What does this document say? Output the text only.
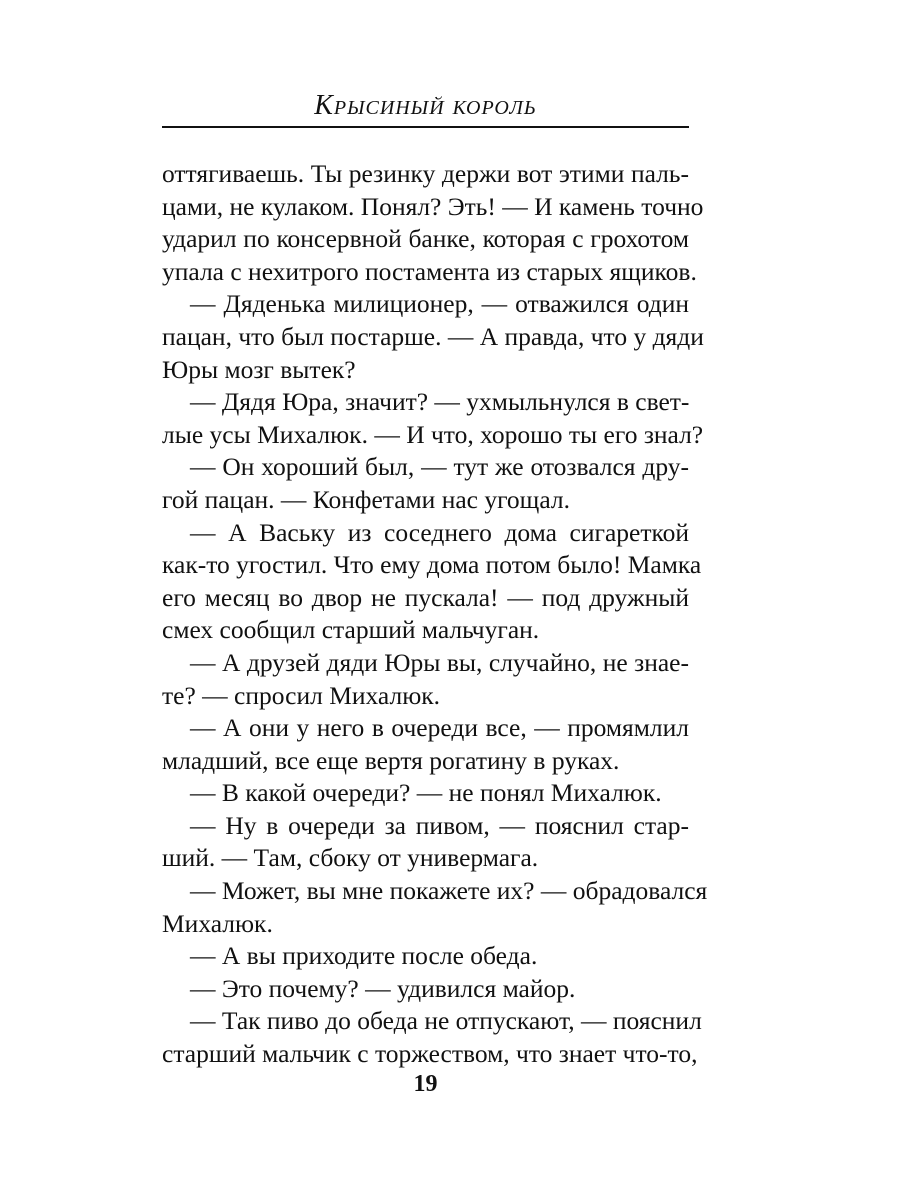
Крысиный король
оттягиваешь. Ты резинку держи вот этими паль-
цами, не кулаком. Понял? Эть! — И камень точно
ударил по консервной банке, которая с грохотом
упала с нехитрого постамента из старых ящиков.
— Дяденька милиционер, — отважился один
пацан, что был постарше. — А правда, что у дяди
Юры мозг вытек?
— Дядя Юра, значит? — ухмыльнулся в свет-
лые усы Михалюк. — И что, хорошо ты его знал?
— Он хороший был, — тут же отозвался дру-
гой пацан. — Конфетами нас угощал.
— А Ваську из соседнего дома сигареткой
как-то угостил. Что ему дома потом было! Мамка
его месяц во двор не пускала! — под дружный
смех сообщил старший мальчуган.
— А друзей дяди Юры вы, случайно, не знае-
те? — спросил Михалюк.
— А они у него в очереди все, — промямлил
младший, все еще вертя рогатину в руках.
— В какой очереди? — не понял Михалюк.
— Ну в очереди за пивом, — пояснил стар-
ший. — Там, сбоку от универмага.
— Может, вы мне покажете их? — обрадовался
Михалюк.
— А вы приходите после обеда.
— Это почему? — удивился майор.
— Так пиво до обеда не отпускают, — пояснил
старший мальчик с торжеством, что знает что-то,
19
